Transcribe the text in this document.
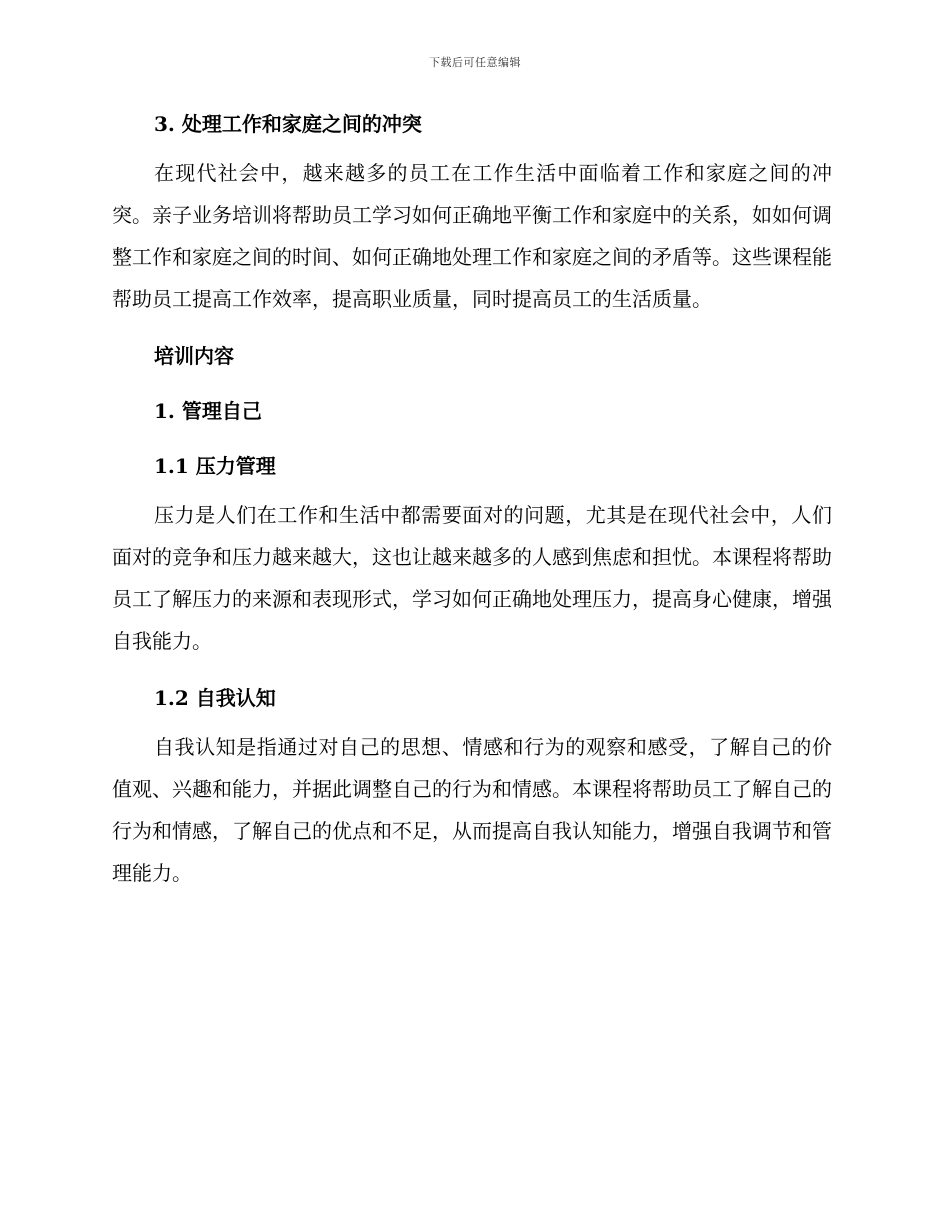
下载后可任意编辑
3. 处理工作和家庭之间的冲突

在现代社会中，越来越多的员工在工作生活中面临着工作和家庭之间的冲突。亲子业务培训将帮助员工学习如何正确地平衡工作和家庭中的关系，如如何调整工作和家庭之间的时间、如何正确地处理工作和家庭之间的矛盾等。这些课程能帮助员工提高工作效率，提高职业质量，同时提高员工的生活质量。

培训内容
1. 管理自己
1.1 压力管理

压力是人们在工作和生活中都需要面对的问题，尤其是在现代社会中，人们面对的竞争和压力越来越大，这也让越来越多的人感到焦虑和担忧。本课程将帮助员工了解压力的来源和表现形式，学习如何正确地处理压力，提高身心健康，增强自我能力。

1.2 自我认知

自我认知是指通过对自己的思想、情感和行为的观察和感受，了解自己的价值观、兴趣和能力，并据此调整自己的行为和情感。本课程将帮助员工了解自己的行为和情感，了解自己的优点和不足，从而提高自我认知能力，增强自我调节和管理能力。
